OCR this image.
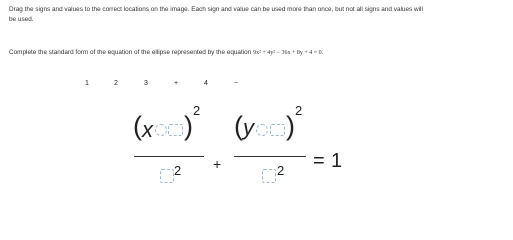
Drag the signs and values to the correct locations on the image. Each sign and value can be used more than once, but not all signs and values will
be used.
Complete the standard form of the equation of the ellipse represented by the equation 9x² + 4y² − 36x + 8y + 4 = 0.
1	2	3	+	4	−
( x )
2
2 +
( y )
2
2 = 1
